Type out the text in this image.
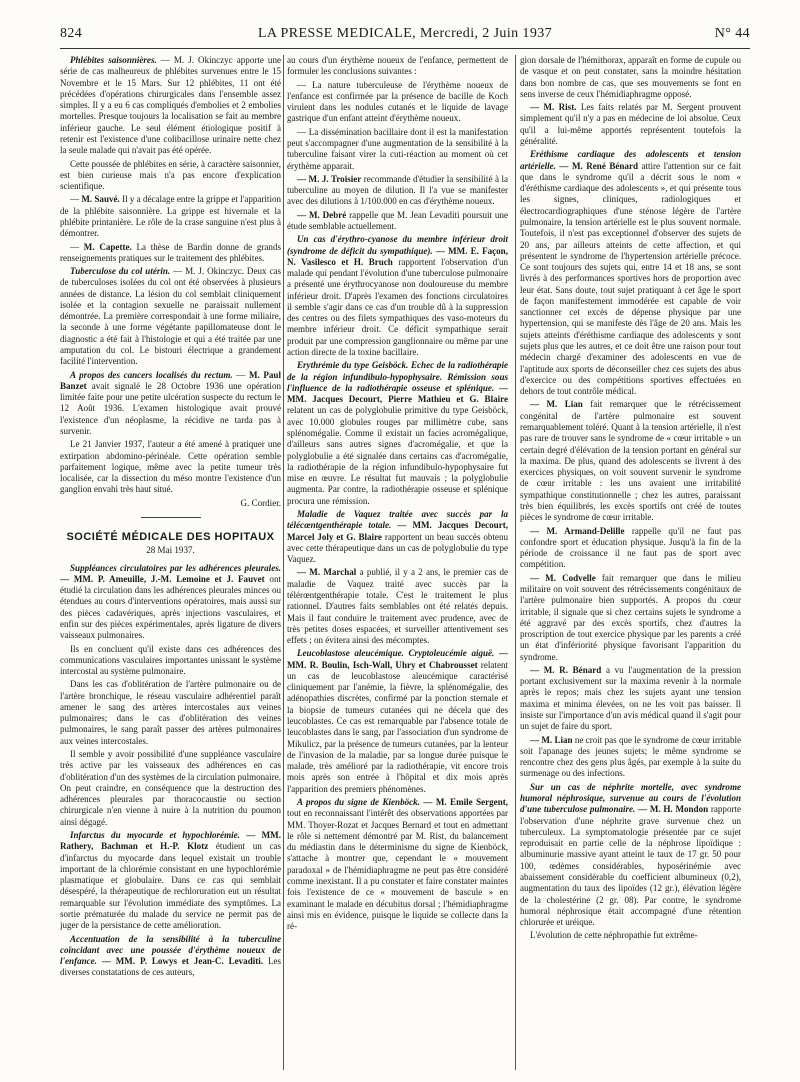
824	LA PRESSE MEDICALE, Mercredi, 2 Juin 1937	N° 44

Phlébites saisonnières. — M. J. Okinczyc apporte une série de cas malheureux de phlébites survenues entre le 15 Novembre et le 15 Mars. Sur 12 phlébites, 11 ont été précédées d'opérations chirurgicales dans l'ensemble assez simples. Il y a eu 6 cas compliqués d'embolies et 2 embolies mortelles. Presque toujours la localisation se fait au membre inférieur gauche. Le seul élément étiologique positif à retenir est l'existence d'une colibacillose urinaire nette chez la seule malade qui n'avait pas été opérée.

Cette poussée de phlébites en série, à caractère saisonnier, est bien curieuse mais n'a pas encore d'explication scientifique.

— M. Sauvé. Il y a décalage entre la grippe et l'apparition de la phlébite saisonnière. La grippe est hivernale et la phlébite printanière. Le rôle de la crase sanguine n'est plus à démontrer.

— M. Capette. La thèse de Bardin donne de grands renseignements pratiques sur le traitement des phlébites.

Tuberculose du col utérin. — M. J. Okinczyc. Deux cas de tuberculoses isolées du col ont été observées à plusieurs années de distance. La lésion du col semblait cliniquement isolée et la contagion sexuelle ne paraissait nullement démontrée. La première correspondait à une forme miliaire, la seconde à une forme végétante papillomateuse dont le diagnostic a été fait à l'histologie et qui a été traitée par une amputation du col. Le bistouri électrique a grandement facilité l'intervention.

A propos des cancers localisés du rectum. — M. Paul Banzet avait signalé le 28 Octobre 1936 une opération limitée faite pour une petite ulcération suspecte du rectum le 12 Août 1936. L'examen histologique avait prouvé l'existence d'un néoplasme, la récidive ne tarda pas à survenir.

Le 21 Janvier 1937, l'auteur a été amené à pratiquer une extirpation abdomino-périnéale. Cette opération semble parfaitement logique, même avec la petite tumeur très localisée, car la dissection du méso montre l'existence d'un ganglion envahi très haut situé.

G. Cordier.

SOCIÉTÉ MÉDICALE DES HOPITAUX
28 Mai 1937.

Suppléances circulatoires par les adhérences pleurales. — MM. P. Ameuille, J.-M. Lemoine et J. Fauvet ont étudié la circulation dans les adhérences pleurales minces ou étendues au cours d'interventions opératoires, mais aussi sur des pièces cadavériques, après injections vasculaires, et enfin sur des pièces expérimentales, après ligature de divers vaisseaux pulmonaires.

Ils en concluent qu'il existe dans ces adhérences des communications vasculaires importantes unissant le système intercostal au système pulmonaire.

Dans les cas d'oblitération de l'artère pulmonaire ou de l'artère bronchique, le réseau vasculaire adhérentiel paraît amener le sang des artères intercostales aux veines pulmonaires; dans le cas d'oblitération des veines pulmonaires, le sang paraît passer des artères pulmonaires aux veines intercostales.

Il semble y avoir possibilité d'une suppléance vasculaire très active par les vaisseaux des adhérences en cas d'oblitération d'un des systèmes de la circulation pulmonaire. On peut craindre, en conséquence que la destruction des adhérences pleurales par thoracocaustie ou section chirurgicale n'en vienne à nuire à la nutrition du poumon ainsi dégagé.

Infarctus du myocarde et hypochlorémie. — MM. Rathery, Bachman et H.-P. Klotz étudient un cas d'infarctus du myocarde dans lequel existait un trouble important de la chlorémie consistant en une hypochlorémie plasmatique et globulaire. Dans ce cas qui semblait désespéré, la thérapeutique de rechloruration eut un résultat remarquable sur l'évolution immédiate des symptômes. La sortie prématurée du malade du service ne permit pas de juger de la persistance de cette amélioration.

Accentuation de la sensibilité à la tuberculine coïncidant avec une poussée d'érythème noueux de l'enfance. — MM. P. Lowys et Jean-C. Levaditi. Les diverses constatations de ces auteurs,

au cours d'un érythème noueux de l'enfance, permettent de formuler les conclusions suivantes :

— La nature tuberculeuse de l'érythème noueux de l'enfance est confirmée par la présence de bacille de Koch virulent dans les nodules cutanés et le liquide de lavage gastrique d'un enfant atteint d'érythème noueux.

— La dissémination bacillaire dont il est la manifestation peut s'accompagner d'une augmentation de la sensibilité à la tuberculine faisant virer la cuti-réaction au moment où cet érythème apparait.

— M. J. Troisier recommande d'étudier la sensibilité à la tuberculine au moyen de dilution. Il l'a vue se manifester avec des dilutions à 1/100.000 en cas d'érythème noueux.

— M. Debré rappelle que M. Jean Levaditi poursuit une étude semblable actuellement.

Un cas d'érythro-cyanose du membre inférieur droit (syndrome de déficit du sympathique). — MM. E. Façon, N. Vasilesco et H. Bruch rapportent l'observation d'un malade qui pendant l'évolution d'une tuberculose pulmonaire a présenté une érythrocyanose non douloureuse du membre inférieur droit. D'après l'examen des fonctions circulatoires il semble s'agir dans ce cas d'un trouble dû à la suppression des centres ou des filets sympathiques des vaso-moteurs du membre inférieur droit. Ce déficit sympathique serait produit par une compression ganglionnaire ou même par une action directe de la toxine bacillaire.

Erythrémie du type Geisböck. Echec de la radiothérapie de la région infundibulo-hypophysaire. Rémission sous l'influence de la radiothérapie osseuse et splénique. — MM. Jacques Decourt, Pierre Mathieu et G. Blaire relatent un cas de polyglobulie primitive du type Geisböck, avec 10.000 globules rouges par millimètre cube, sans splénomégalie. Comme il existait un facies acromégalique, d'ailleurs sans autres signes d'acromégalie, et que la polyglobulie a été signalée dans certains cas d'acromégalie, la radiothérapie de la région infundibulo-hypophysaire fut mise en œuvre. Le résultat fut mauvais ; la polyglobulie augmenta. Par contre, la radiothérapie osseuse et splénique procura une rémission.

Maladie de Vaquez traitée avec succès par la télécœntgenthérapie totale. — MM. Jacques Decourt, Marcel Joly et G. Blaire rapportent un beau succès obtenu avec cette thérapeutique dans un cas de polyglobulie du type Vaquez.

— M. Marchal a publié, il y a 2 ans, le premier cas de maladie de Vaquez traité avec succès par la télérœntgenthérapie totale. C'est le traitement le plus rationnel. D'autres faits semblables ont été relatés depuis. Mais il faut conduire le traitement avec prudence, avec de très petites doses espacées, et surveiller attentivement ses effets ; on évitera ainsi des mécomptes.

Leucoblastose aleucémique. Cryptoleucémie aiguë. — MM. R. Boulin, Isch-Wall, Uhry et Chabrousset relatent un cas de leucoblastose aleucémique caractérisé cliniquement par l'anémie, la fièvre, la splénomégalie, des adénopathies discrètes, confirmé par la ponction sternale et la biopsie de tumeurs cutanées qui ne décela que des leucoblastes. Ce cas est remarquable par l'absence totale de leucoblastes dans le sang, par l'association d'un syndrome de Mikulicz, par la présence de tumeurs cutanées, par la lenteur de l'invasion de la maladie, par sa longue durée puisque le malade, très amélioré par la radiothérapie, vit encore trois mois après son entrée à l'hôpital et dix mois après l'apparition des premiers phénomènes.

A propos du signe de Kienböck. — M. Emile Sergent, tout en reconnaissant l'intérêt des observations apportées par MM. Thoyer-Rozat et Jacques Bernard et tout en admettant le rôle si nettement démontré par M. Rist, du balancement du médiastin dans le déterminisme du signe de Kienböck, s'attache à montrer que, cependant le « mouvement paradoxal » de l'hémidiaphragme ne peut pas être considéré comme inexistant. Il a pu constater et faire constater maintes fois l'existence de ce « mouvement de bascule » en examinant le malade en décubitus dorsal ; l'hémidiaphragme ainsi mis en évidence, puisque le liquide se collecte dans la ré-

gion dorsale de l'hémithorax, apparaît en forme de cupule ou de vasque et on peut constater, sans la moindre hésitation dans bon nombre de cas, que ses mouvements se font en sens inverse de ceux l'hémidiaphragme opposé.

— M. Rist. Les faits relatés par M. Sergent prouvent simplement qu'il n'y a pas en médecine de loi absolue. Ceux qu'il a lui-même apportés représentent toutefois la généralité.

Eréthisme cardiaque des adolescents et tension artérielle. — M. René Bénard attire l'attention sur ce fait que dans le syndrome qu'il a décrit sous le nom « d'éréthisme cardiaque des adolescents », et qui présente tous les signes, cliniques, radiologiques et électrocardiographiques d'une sténose légère de l'artère pulmonaire, la tension artérielle est le plus souvent normale. Toutefois, il n'est pas exceptionnel d'observer des sujets de 20 ans, par ailleurs atteints de cette affection, et qui présentent le syndrome de l'hypertension artérielle précoce. Ce sont toujours des sujets qui, entre 14 et 18 ans, se sont livrés à des performances sportives hors de proportion avec leur état. Sans doute, tout sujet pratiquant à cet âge le sport de façon manifestement immodérée est capable de voir sanctionner cet excès de dépense physique par une hypertension, qui se manifeste dès l'âge de 20 ans. Mais les sujets atteints d'éréthisme cardiaque des adolescents y sont sujets plus que les autres, et ce doit être une raison pour tout médecin chargé d'examiner des adolescents en vue de l'aptitude aux sports de déconseiller chez ces sujets des abus d'exercice ou des compétitions sportives effectuées en dehors de tout contrôle médical.

— M. Lian fait remarquer que le rétrécissement congénital de l'artère pulmonaire est souvent remarquablement toléré. Quant à la tension artérielle, il n'est pas rare de trouver sans le syndrome de « cœur irritable » un certain degré d'élévation de la tension portant en général sur la maxima. De plus, quand des adolescents se livrent à des exercices physiques, on voit souvent survenir le syndrome de cœur irritable : les uns avaient une irritabilité sympathique constitutionnelle ; chez les autres, paraissant très bien équilibrés, les excès sportifs ont créé de toutes pièces le syndrome de cœur irritable.

— M. Armand-Delille rappelle qu'il ne faut pas confondre sport et éducation physique. Jusqu'à la fin de la période de croissance il ne faut pas de sport avec compétition.

— M. Codvelle fait remarquer que dans le milieu militaire on voit souvent des rétrécissements congénitaux de l'artère pulmonaire bien supportés. A propos du cœur irritable, il signale que si chez certains sujets le syndrome a été aggravé par des excès sportifs, chez d'autres la proscription de tout exercice physique par les parents a créé un état d'infériorité physique favorisant l'apparition du syndrome.

— M. R. Bénard a vu l'augmentation de la pression portant exclusivement sur la maxima revenir à la normale après le repos; mais chez les sujets ayant une tension maxima et minima élevées, on ne les voit pas baisser. Il insiste sur l'importance d'un avis médical quand il s'agit pour un sujet de faire du sport.

— M. Lian ne croit pas que le syndrome de cœur irritable soit l'apanage des jeunes sujets; le même syndrome se rencontre chez des gens plus âgés, par exemple à la suite du surmenage ou des infections.

Sur un cas de néphrite mortelle, avec syndrome humoral néphrosique, survenue au cours de l'évolution d'une tuberculose pulmonaire. — M. H. Mondon rapporte l'observation d'une néphrite grave survenue chez un tuberculeux. La symptomatologie présentée par ce sujet reproduisait en partie celle de la néphrose lipoïdique : albuminurie massive ayant atteint le taux de 17 gr. 50 pour 100, œdèmes considérables, hyposérinémie avec abaissement considérable du coefficient albumineux (0,2), augmentation du taux des lipoïdes (12 gr.), élévation légère de la cholestérine (2 gr. 08). Par contre, le syndrome humoral néphrosique était accompagné d'une rétention chlorurée et uréique.

L'évolution de cette néphropathie fut extrême-
